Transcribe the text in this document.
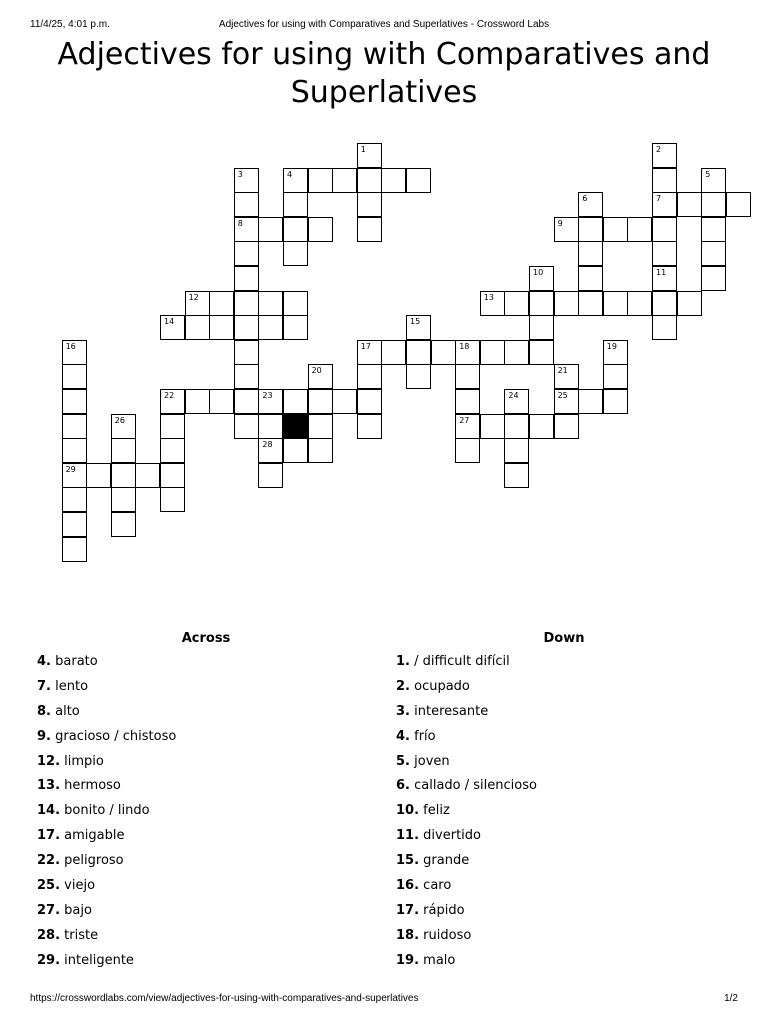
11/4/25, 4:01 p.m.	Adjectives for using with Comparatives and Superlatives - Crossword Labs
Adjectives for using with Comparatives and
Superlatives
1	2
7
11
3
8
4	5
6
9
10
12	13
14	15
16	17	18	19
20	21
25
22	23	24
28
26	27
29
Across	Down
4. barato
7. lento
8. alto
9. gracioso / chistoso
12. limpio
13. hermoso
14. bonito / lindo
17. amigable
22. peligroso
25. viejo
27. bajo
28. triste
29. inteligente
1. / difficult difícil
2. ocupado
3. interesante
4. frío
5. joven
6. callado / silencioso
10. feliz
11. divertido
15. grande
16. caro
17. rápido
18. ruidoso
19. malo
https://crosswordlabs.com/view/adjectives-for-using-with-comparatives-and-superlatives	1/2
